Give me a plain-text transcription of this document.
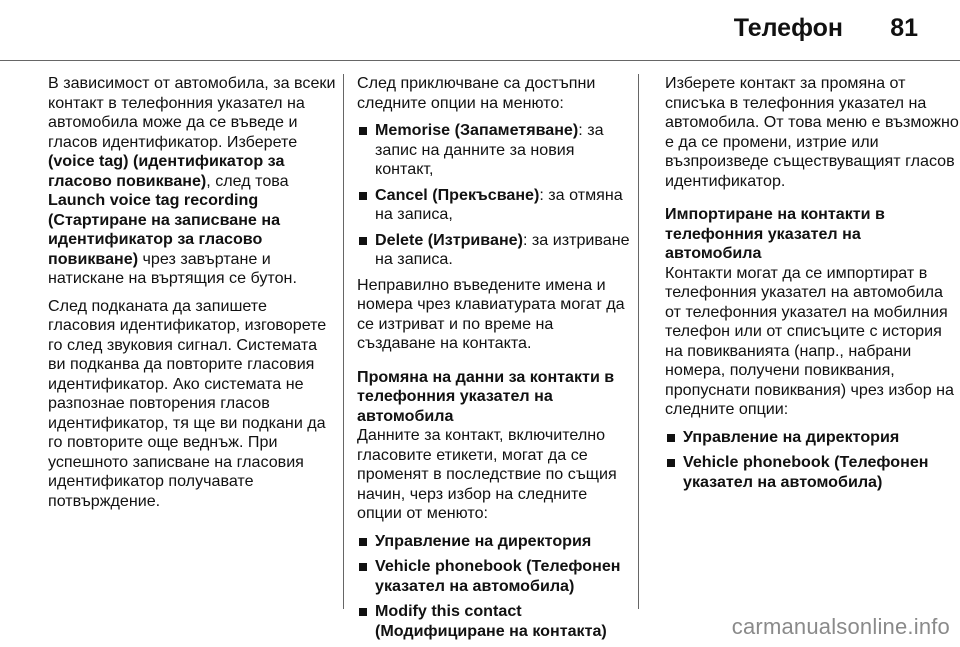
Телефон 81

В зависимост от автомобила, за всеки контакт в телефонния указател на автомобила може да се въведе и гласов идентификатор. Изберете (voice tag) (идентификатор за гласово повикване), след това Launch voice tag recording (Стартиране на записване на идентификатор за гласово повикване) чрез завъртане и натискане на въртящия се бутон.

След подканата да запишете гласовия идентификатор, изговорете го след звуковия сигнал. Системата ви подканва да повторите гласовия идентификатор. Ако системата не разпознае повторения гласов идентификатор, тя ще ви подкани да го повторите още веднъж. При успешното записване на гласовия идентификатор получавате потвърждение.

След приключване са достъпни следните опции на менюто:

Memorise (Запаметяване): за запис на данните за новия контакт,
Cancel (Прекъсване): за отмяна на записа,
Delete (Изтриване): за изтриване на записа.

Неправилно въведените имена и номера чрез клавиатурата могат да се изтриват и по време на създаване на контакта.

Промяна на данни за контакти в телефонния указател на автомобила

Данните за контакт, включително гласовите етикети, могат да се променят в последствие по същия начин, черз избор на следните опции от менюто:

Управление на директория
Vehicle phonebook (Телефонен указател на автомобила)
Modify this contact (Модифициране на контакта)

Изберете контакт за промяна от списъка в телефонния указател на автомобила. От това меню е възможно е да се промени, изтрие или възпроизведе съществуващият гласов идентификатор.

Импортиране на контакти в телефонния указател на автомобила

Контакти могат да се импортират в телефонния указател на автомобила от телефонния указател на мобилния телефон или от списъците с история на повикванията (напр., набрани номера, получени повиквания, пропуснати повиквания) чрез избор на следните опции:

Управление на директория
Vehicle phonebook (Телефонен указател на автомобила)
carmanualsonline.info
